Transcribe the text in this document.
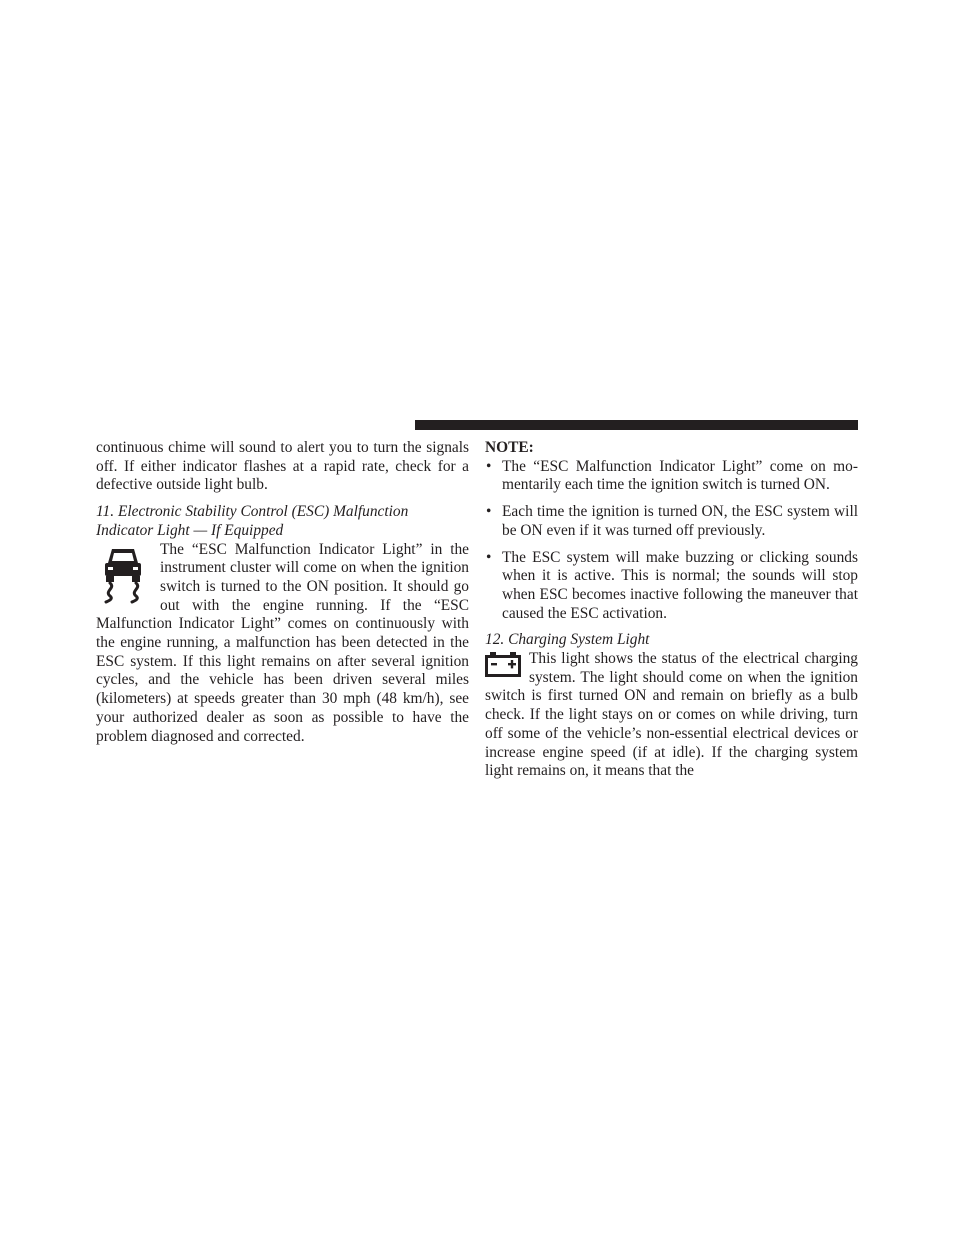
continuous chime will sound to alert you to turn the signals off. If either indicator flashes at a rapid rate, check for a defective outside light bulb.

11. Electronic Stability Control (ESC) Malfunction Indicator Light — If Equipped

The “ESC Malfunction Indicator Light” in the instrument cluster will come on when the ignition switch is turned to the ON position. It should go out with the engine running. If the “ESC Malfunction Indicator Light” comes on continuously with the engine running, a malfunction has been detected in the ESC system. If this light remains on after several ignition cycles, and the vehicle has been driven several miles (kilometers) at speeds greater than 30 mph (48 km/h), see your authorized dealer as soon as possible to have the problem diagnosed and corrected.

NOTE:

• The “ESC Malfunction Indicator Light” come on momentarily each time the ignition switch is turned ON.
• Each time the ignition is turned ON, the ESC system will be ON even if it was turned off previously.
• The ESC system will make buzzing or clicking sounds when it is active. This is normal; the sounds will stop when ESC becomes inactive following the maneuver that caused the ESC activation.

12. Charging System Light

This light shows the status of the electrical charging system. The light should come on when the ignition switch is first turned ON and remain on briefly as a bulb check. If the light stays on or comes on while driving, turn off some of the vehicle’s non-essential electrical devices or increase engine speed (if at idle). If the charging system light remains on, it means that the
